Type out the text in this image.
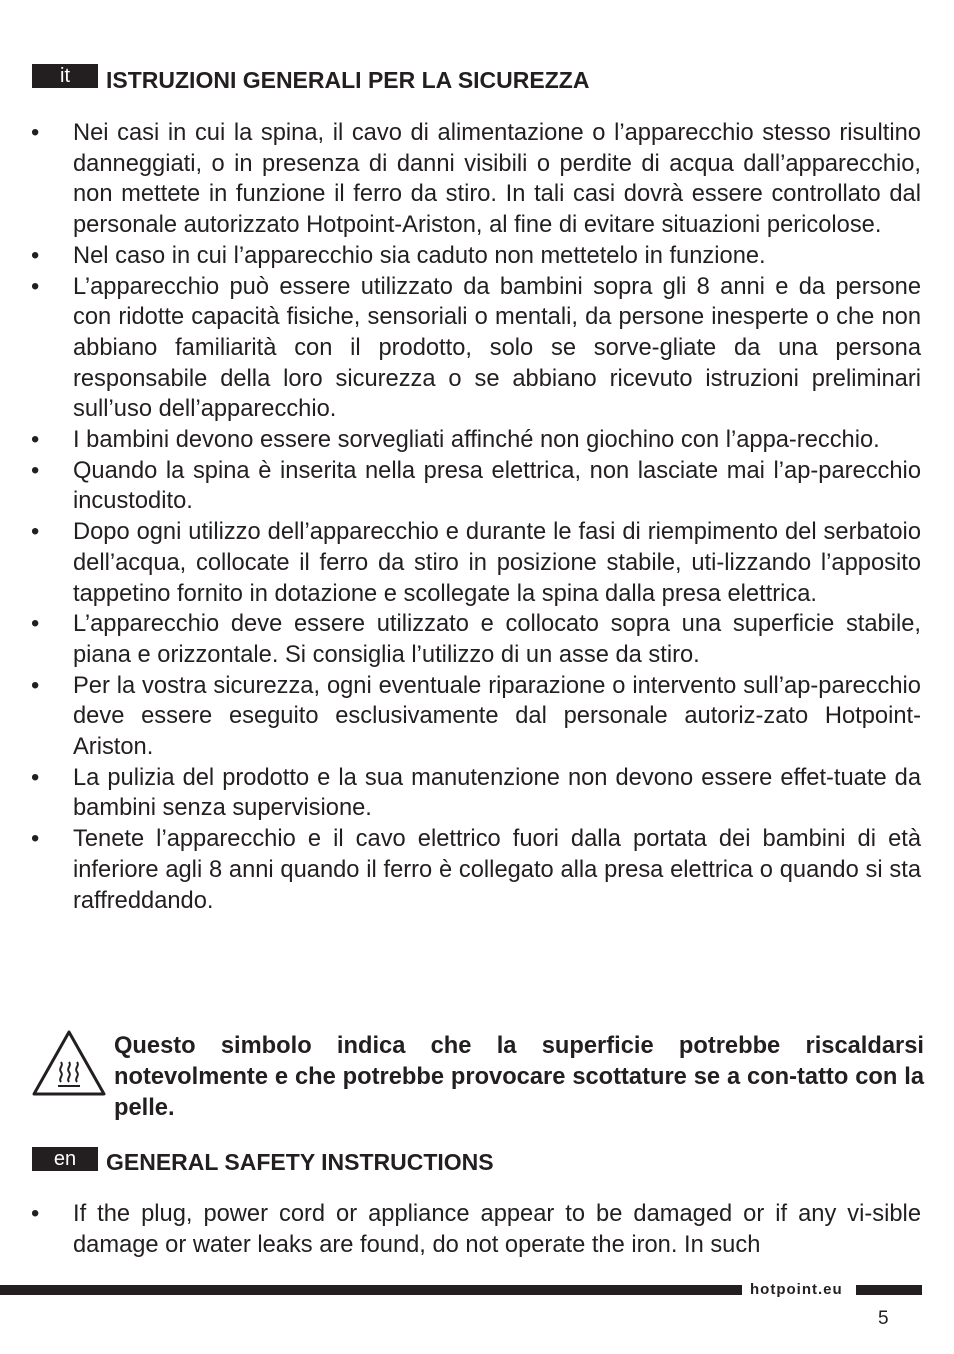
it	ISTRUZIONI GENERALI PER LA SICUREZZA
• Nei casi in cui la spina, il cavo di alimentazione o l’apparecchio stesso risultino danneggiati, o in presenza di danni visibili o perdite di acqua dall’apparecchio, non mettete in funzione il ferro da stiro. In tali casi dovrà essere controllato dal personale autorizzato Hotpoint-Ariston, al fine di evitare situazioni pericolose.
• Nel caso in cui l’apparecchio sia caduto non mettetelo in funzione.
• L’apparecchio può essere utilizzato da bambini sopra gli 8 anni e da persone con ridotte capacità fisiche, sensoriali o mentali, da persone inesperte o che non abbiano familiarità con il prodotto, solo se sorve-gliate da una persona responsabile della loro sicurezza o se abbiano ricevuto istruzioni preliminari sull’uso dell’apparecchio.
• I bambini devono essere sorvegliati affinché non giochino con l’appa-recchio.
• Quando la spina è inserita nella presa elettrica, non lasciate mai l’ap-parecchio incustodito.
• Dopo ogni utilizzo dell’apparecchio e durante le fasi di riempimento del serbatoio dell’acqua, collocate il ferro da stiro in posizione stabile, uti-lizzando l’apposito tappetino fornito in dotazione e scollegate la spina dalla presa elettrica.
• L’apparecchio deve essere utilizzato e collocato sopra una superficie stabile, piana e orizzontale. Si consiglia l’utilizzo di un asse da stiro.
• Per la vostra sicurezza, ogni eventuale riparazione o intervento sull’ap-parecchio deve essere eseguito esclusivamente dal personale autoriz-zato Hotpoint-Ariston.
• La pulizia del prodotto e la sua manutenzione non devono essere effet-tuate da bambini senza supervisione.
• Tenete l’apparecchio e il cavo elettrico fuori dalla portata dei bambini di età inferiore agli 8 anni quando il ferro è collegato alla presa elettrica o quando si sta raffreddando.
Questo simbolo indica che la superficie potrebbe riscaldarsi notevolmente e che potrebbe provocare scottature se a con-tatto con la pelle.
en	GENERAL SAFETY INSTRUCTIONS
• If the plug, power cord or appliance appear to be damaged or if any vi-sible damage or water leaks are found, do not operate the iron. In such
hotpoint.eu
5
